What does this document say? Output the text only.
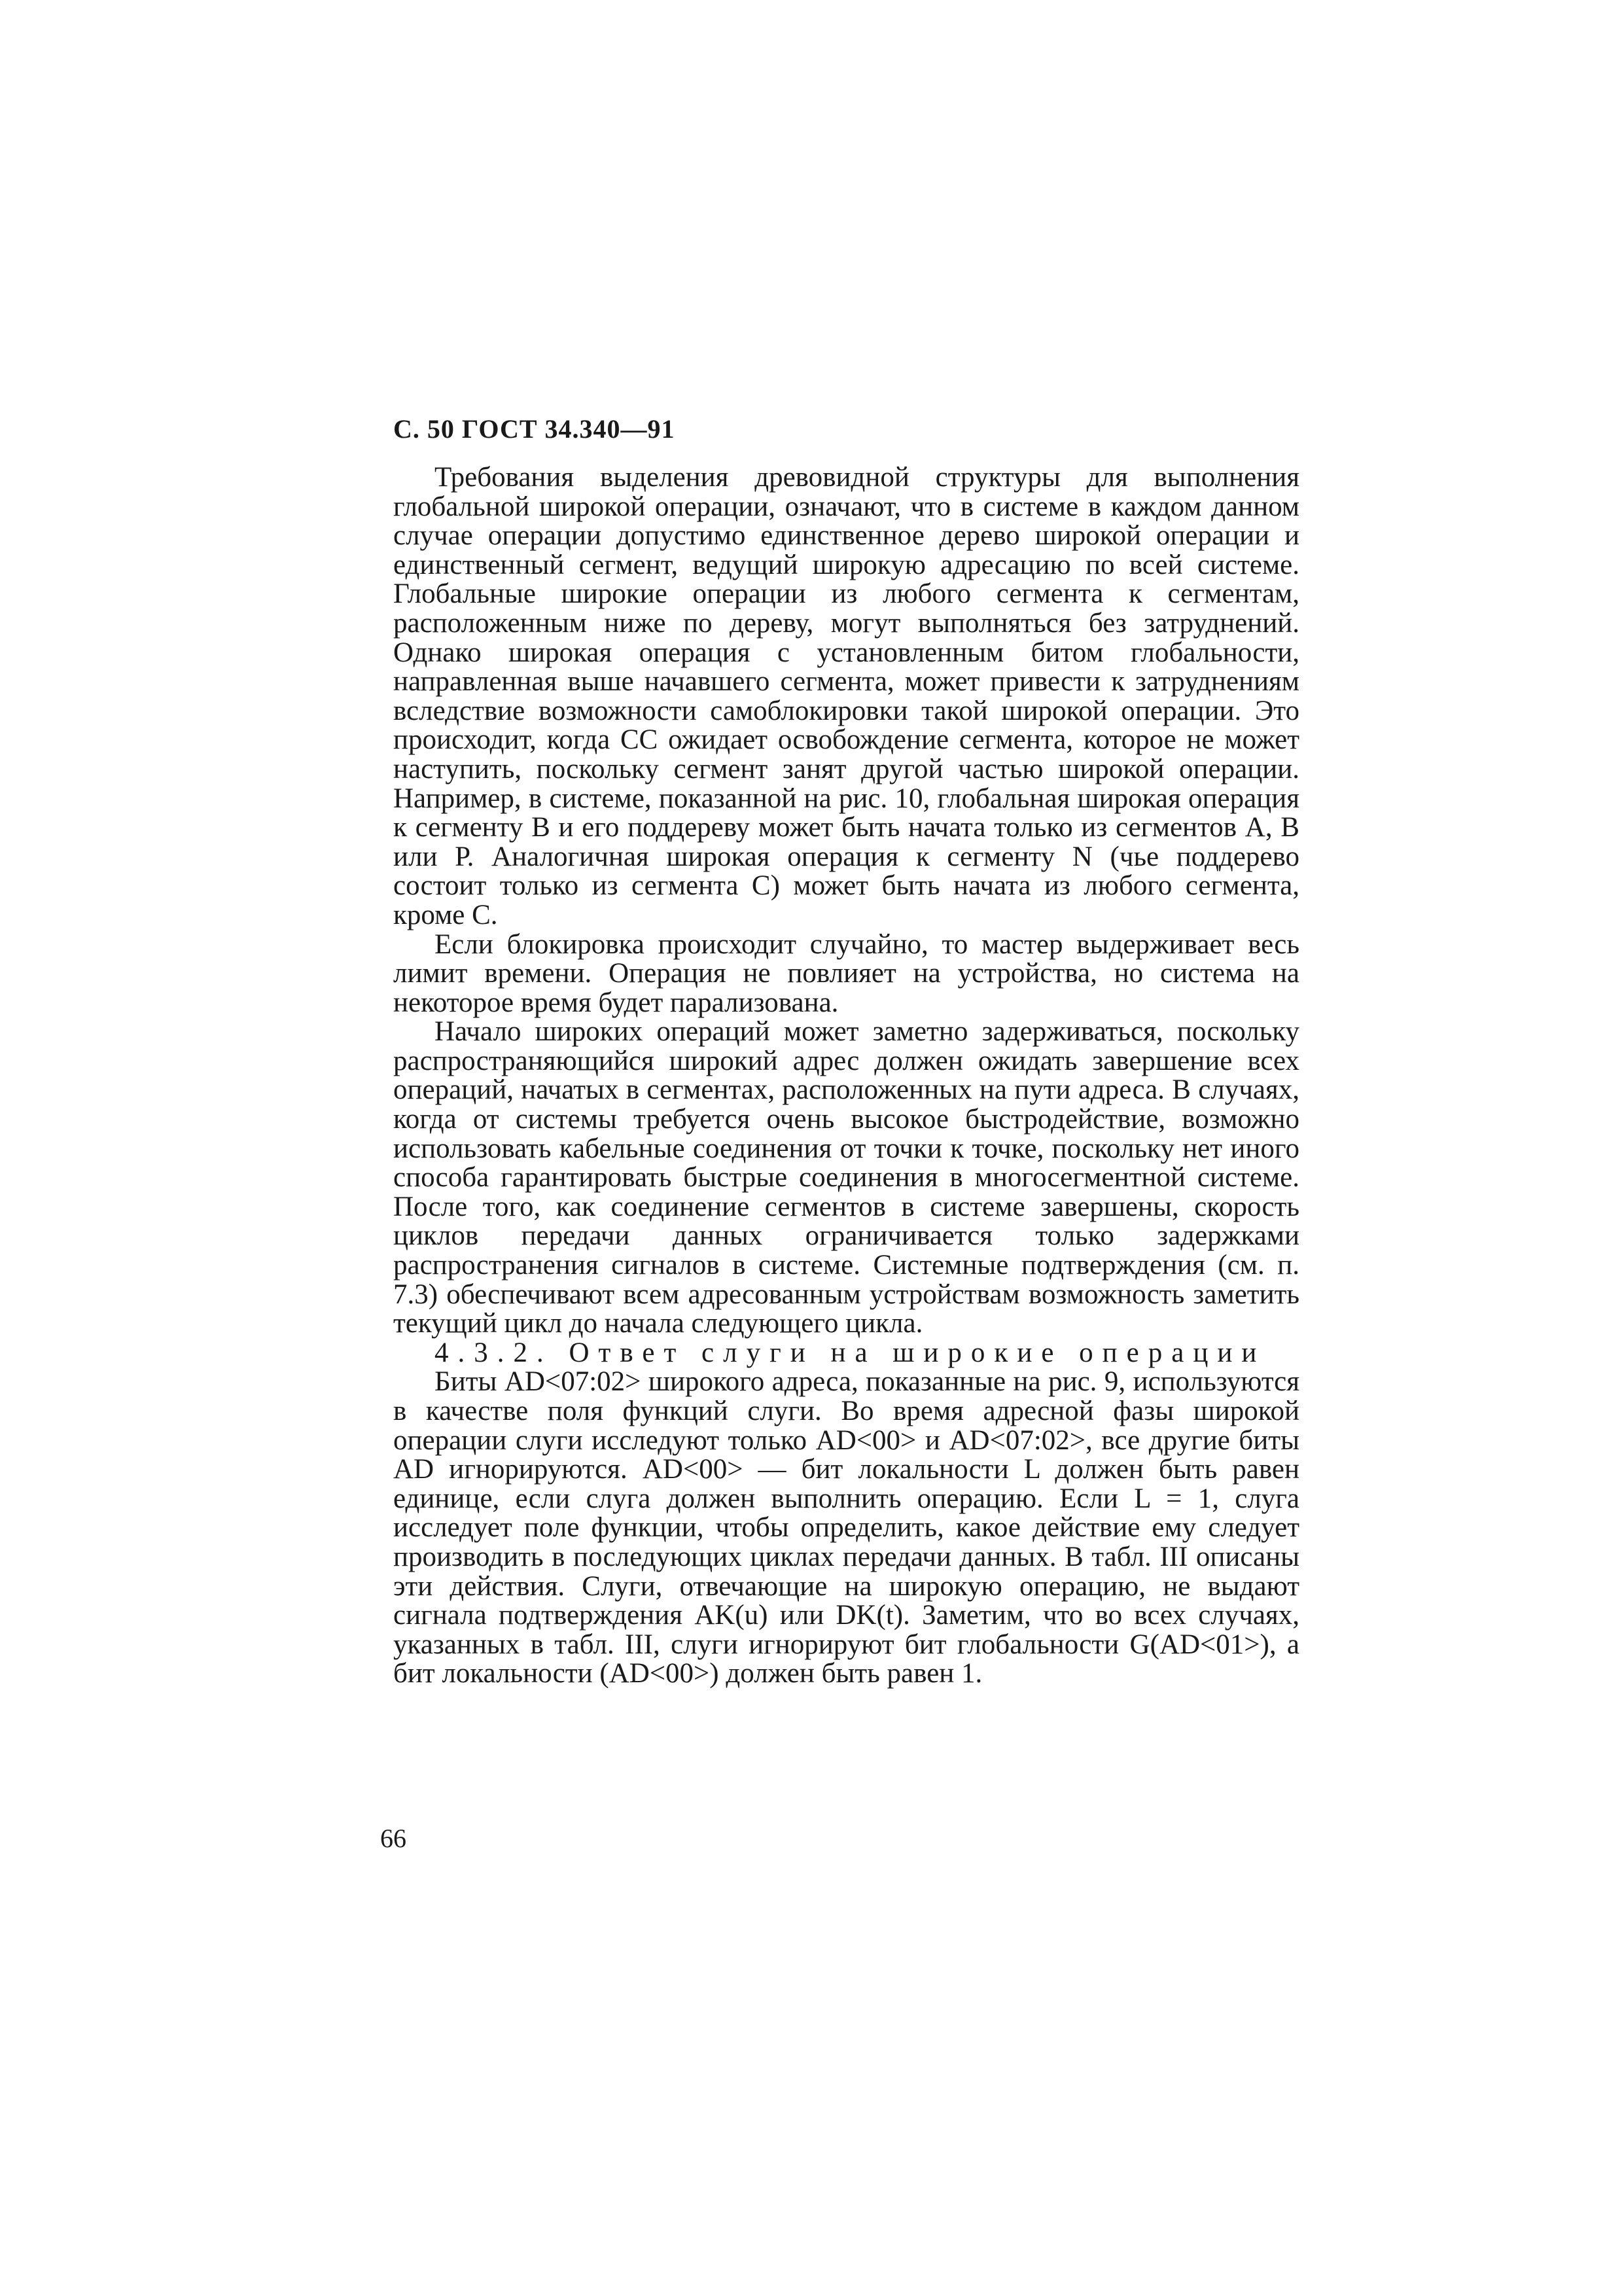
С. 50 ГОСТ 34.340—91

Требования выделения древовидной структуры для выполнения глобальной широкой операции, означают, что в системе в каждом данном случае операции допустимо единственное дерево широкой операции и единственный сегмент, ведущий широкую адресацию по всей системе. Глобальные широкие операции из любого сегмента к сегментам, расположенным ниже по дереву, могут выполняться без затруднений. Однако широкая операция с установленным битом глобальности, направленная выше начавшего сегмента, может привести к затруднениям вследствие возможности самоблокировки такой широкой операции. Это происходит, когда СС ожидает освобождение сегмента, которое не может наступить, поскольку сегмент занят другой частью широкой операции. Например, в системе, показанной на рис. 10, глобальная широкая операция к сегменту В и его поддереву может быть начата только из сегментов А, В или Р. Аналогичная широкая операция к сегменту N (чье поддерево состоит только из сегмента С) может быть начата из любого сегмента, кроме С.

Если блокировка происходит случайно, то мастер выдерживает весь лимит времени. Операция не повлияет на устройства, но система на некоторое время будет парализована.

Начало широких операций может заметно задерживаться, поскольку распространяющийся широкий адрес должен ожидать завершение всех операций, начатых в сегментах, расположенных на пути адреса. В случаях, когда от системы требуется очень высокое быстродействие, возможно использовать кабельные соединения от точки к точке, поскольку нет иного способа гарантировать быстрые соединения в многосегментной системе. После того, как соединение сегментов в системе завершены, скорость циклов передачи данных ограничивается только задержками распространения сигналов в системе. Системные подтверждения (см. п. 7.3) обеспечивают всем адресованным устройствам возможность заметить текущий цикл до начала следующего цикла.

4.3.2. Ответ слуги на широкие операции

Биты AD<07:02> широкого адреса, показанные на рис. 9, используются в качестве поля функций слуги. Во время адресной фазы широкой операции слуги исследуют только AD<00> и AD<07:02>, все другие биты AD игнорируются. AD<00> — бит локальности L должен быть равен единице, если слуга должен выполнить операцию. Если L = 1, слуга исследует поле функции, чтобы определить, какое действие ему следует производить в последующих циклах передачи данных. В табл. III описаны эти действия. Слуги, отвечающие на широкую операцию, не выдают сигнала подтверждения AK(u) или DK(t). Заметим, что во всех случаях, указанных в табл. III, слуги игнорируют бит глобальности G(AD<01>), а бит локальности (AD<00>) должен быть равен 1.

66
